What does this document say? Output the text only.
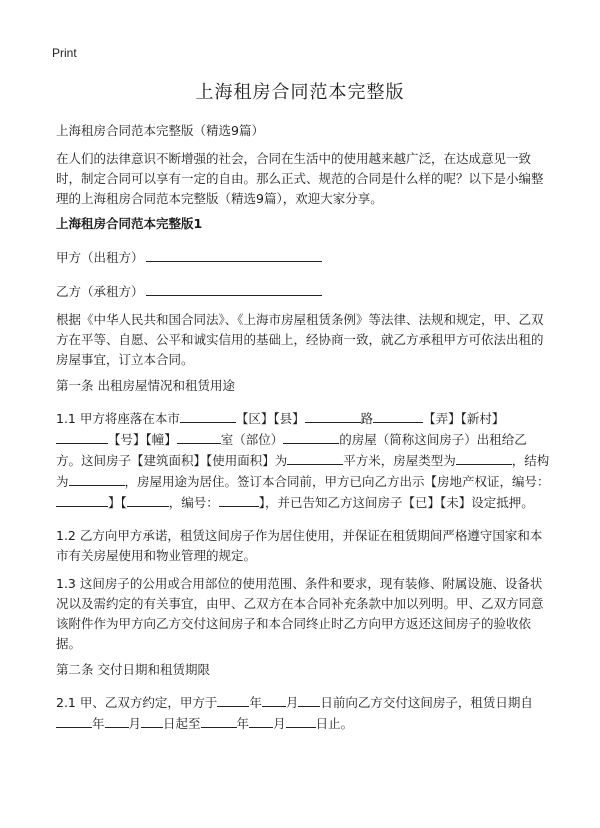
Print
上海租房合同范本完整版

上海租房合同范本完整版（精选9篇）

在人们的法律意识不断增强的社会，合同在生活中的使用越来越广泛，在达成意见一致时，制定合同可以享有一定的自由。那么正式、规范的合同是什么样的呢？以下是小编整理的上海租房合同范本完整版（精选9篇），欢迎大家分享。

上海租房合同范本完整版1

甲方（出租方）

乙方（承租方）

根据《中华人民共和国合同法》、《上海市房屋租赁条例》等法律、法规和规定，甲、乙双方在平等、自愿、公平和诚实信用的基础上，经协商一致，就乙方承租甲方可依法出租的房屋事宜，订立本合同。

第一条 出租房屋情况和租赁用途

1.1 甲方将座落在本市	【区】【县】	路	【弄】【新村】【号】【幢】	室（部位）	的房屋（简称这间房子）出租给乙方。这间房子【建筑面积】【使用面积】为	平方米，房屋类型为	，结构为	，房屋用途为居住。签订本合同前，甲方已向乙方出示【房地产权证，编号：】【	，编号：	】，并已告知乙方这间房子【已】【未】设定抵押。

1.2 乙方向甲方承诺，租赁这间房子作为居住使用，并保证在租赁期间严格遵守国家和本市有关房屋使用和物业管理的规定。

1.3 这间房子的公用或合用部位的使用范围、条件和要求，现有装修、附属设施、设备状况以及需约定的有关事宜，由甲、乙双方在本合同补充条款中加以列明。甲、乙双方同意该附件作为甲方向乙方交付这间房子和本合同终止时乙方向甲方返还这间房子的验收依据。

第二条 交付日期和租赁期限

2.1 甲、乙双方约定，甲方于	年 月 日前向乙方交付这间房子，租赁日期自年 月 日起至	年 月 日止。
